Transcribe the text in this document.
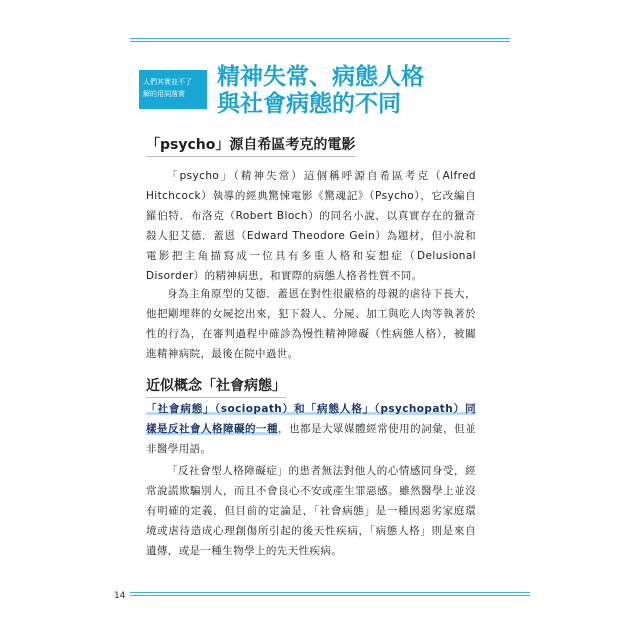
人們其實並不了
解的用詞落實
精神失常、病態人格
與社會病態的不同
「psycho」源自希區考克的電影

「psycho」（精神失常）這個稱呼源自希區考克（Alfred Hitchcock）執導的經典驚悚電影《驚魂記》（Psycho），它改編自羅伯特．布洛克（Robert Bloch）的同名小說，以真實存在的獵奇殺人犯艾德．蓋恩（Edward Theodore Gein）為題材，但小說和電影把主角描寫成一位具有多重人格和妄想症（Delusional Disorder）的精神病患，和實際的病態人格者性質不同。

身為主角原型的艾德．蓋恩在對性很嚴格的母親的虐待下長大，他把剛埋葬的女屍挖出來，犯下殺人、分屍、加工與吃人肉等執著於性的行為，在審判過程中確診為慢性精神障礙（性病態人格），被關進精神病院，最後在院中過世。

近似概念「社會病態」

「社會病態」（sociopath）和「病態人格」（psychopath）同樣是反社會人格障礙的一種，也都是大眾媒體經常使用的詞彙，但並非醫學用語。

「反社會型人格障礙症」的患者無法對他人的心情感同身受，經常說謊欺騙別人，而且不會良心不安或產生罪惡感。雖然醫學上並沒有明確的定義，但目前的定論是，「社會病態」是一種因惡劣家庭環境或虐待造成心理創傷所引起的後天性疾病，「病態人格」則是來自遺傳，或是一種生物學上的先天性疾病。

14
